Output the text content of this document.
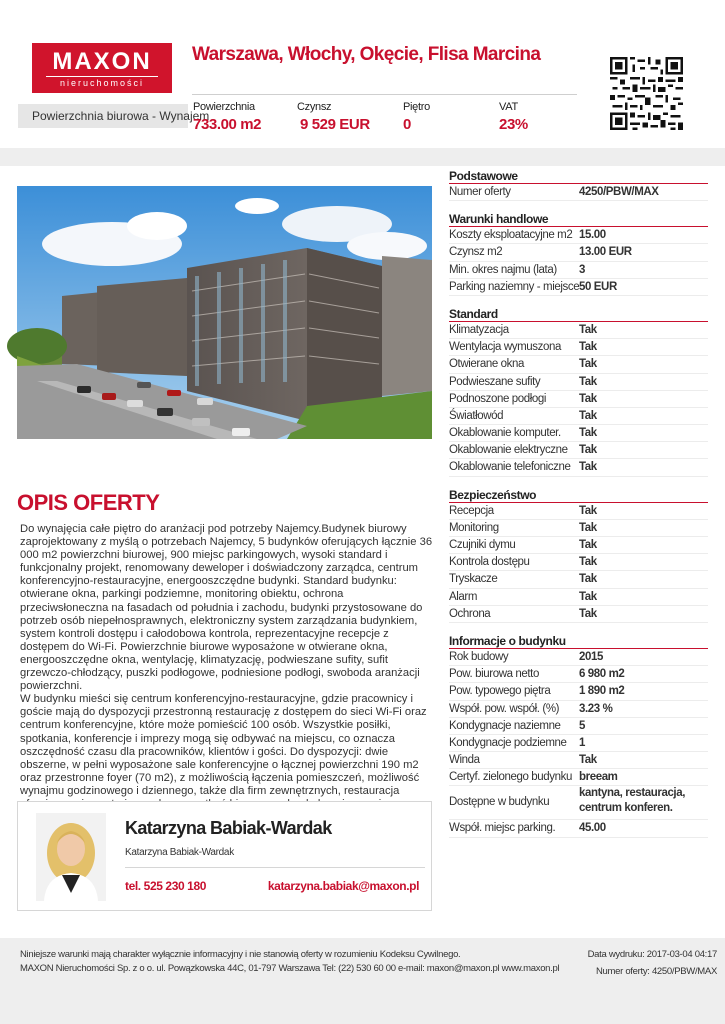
MAXON
nieruchomości
Warszawa, Włochy, Okęcie, Flisa Marcina
Powierzchnia biurowa - Wynajem
Powierzchnia
733.00 m2
Czynsz
9 529 EUR
Piętro
0
VAT
23%
OPIS OFERTY
Do wynajęcia całe piętro do aranżacji pod potrzeby Najemcy.Budynek biurowy zaprojektowany z myślą o potrzebach Najemcy, 5 budynków oferujących łącznie 36 000 m2 powierzchni biurowej, 900 miejsc parkingowych, wysoki standard i funkcjonalny projekt, renomowany deweloper i doświadczony zarządca, centrum konferencyjno-restauracyjne, energooszczędne budynki. Standard budynku: otwierane okna, parkingi podziemne, monitoring obiektu, ochrona przeciwsłoneczna na fasadach od południa i zachodu, budynki przystosowane do potrzeb osób niepełnosprawnych, elektroniczny system zarządzania budynkiem, system kontroli dostępu i całodobowa kontrola, reprezentacyjne recepcje z dostępem do Wi-Fi. Powierzchnie biurowe wyposażone w otwierane okna, energooszczędne okna, wentylację, klimatyzację, podwieszane sufity, sufit grzewczo-chłodzący, puszki podłogowe, podniesione podłogi, swoboda aranżacji powierzchni.
W budynku mieści się centrum konferencyjno-restauracyjne, gdzie pracownicy i goście mają do dyspozycji przestronną restaurację z dostępem do sieci Wi-Fi oraz centrum konferencyjne, które może pomieścić 100 osób. Wszystkie posiłki, spotkania, konferencje i imprezy mogą się odbywać na miejscu, co oznacza oszczędność czasu dla pracowników, klientów i gości. Do dyspozycji: dwie obszerne, w pełni wyposażone sale konferencyjne o łącznej powierzchni 190 m2 oraz przestronne foyer (70 m2), z możliwością łączenia pomieszczeń, możliwość wynajmu godzinowego i dziennego, także dla firm zewnętrznych, restauracja
Katarzyna Babiak-Wardak
Katarzyna Babiak-Wardak
tel. 525 230 180	katarzyna.babiak@maxon.pl
Podstawowe
Numer oferty	4250/PBW/MAX
Warunki handlowe
Koszty eksploatacyjne m2 15.00
Czynsz m2	13.00 EUR
Min. okres najmu (lata)	3
Parking naziemny - miejsce 50 EUR
Standard
Klimatyzacja	Tak
Wentylacja wymuszona	Tak
Otwierane okna	Tak
Podwieszane sufity	Tak
Podnoszone podłogi	Tak
Światłowód	Tak
Okablowanie komputer.	Tak
Okablowanie elektryczne Tak
Okablowanie telefoniczne Tak
Bezpieczeństwo
Recepcja	Tak
Monitoring	Tak
Czujniki dymu	Tak
Kontrola dostępu	Tak
Tryskacze	Tak
Alarm	Tak
Ochrona	Tak
Informacje o budynku
Rok budowy	2015
Pow. biurowa netto	6 980 m2
Pow. typowego piętra	1 890 m2
Współ. pow. współ. (%)	3.23 %
Kondygnacje naziemne	5
Kondygnacje podziemne	1
Winda	Tak
Certyf. zielonego budynku breeam
Dostępne w budynku
kantyna, restauracja, centrum konferen.
Współ. miejsc parking.	45.00
Niniejsze warunki mają charakter wyłącznie informacyjny i nie stanowią oferty w rozumieniu Kodeksu Cywilnego.
MAXON Nieruchomości Sp. z o o. ul. Powązkowska 44C, 01-797 Warszawa Tel: (22) 530 60 00 e-mail: maxon@maxon.pl www.maxon.pl
Data wydruku: 2017-03-04 04:17
Numer oferty: 4250/PBW/MAX
